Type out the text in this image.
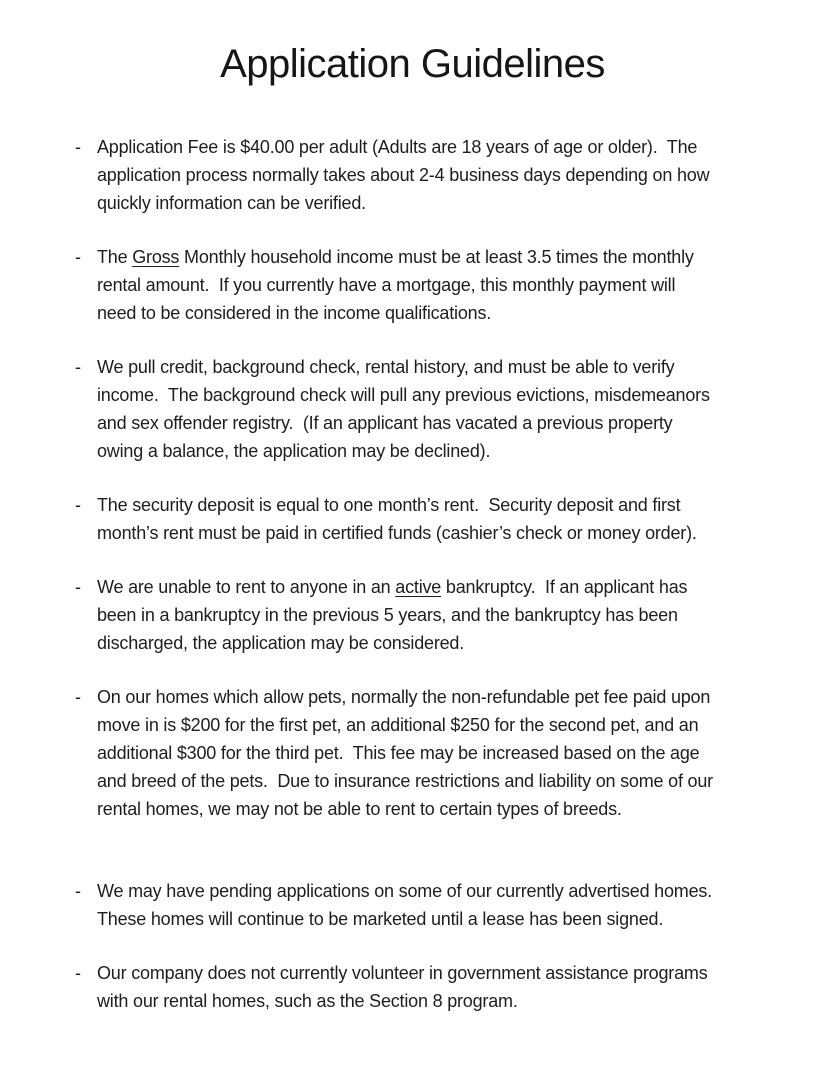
Application Guidelines
- Application Fee is $40.00 per adult (Adults are 18 years of age or older).  The
application process normally takes about 2-4 business days depending on how
quickly information can be verified.
- The Gross Monthly household income must be at least 3.5 times the monthly
rental amount.  If you currently have a mortgage, this monthly payment will
need to be considered in the income qualifications.
- We pull credit, background check, rental history, and must be able to verify
income.  The background check will pull any previous evictions, misdemeanors
and sex offender registry.  (If an applicant has vacated a previous property
owing a balance, the application may be declined).
- The security deposit is equal to one month’s rent.  Security deposit and first
month’s rent must be paid in certified funds (cashier’s check or money order).
- We are unable to rent to anyone in an active bankruptcy.  If an applicant has
been in a bankruptcy in the previous 5 years, and the bankruptcy has been
discharged, the application may be considered.
- On our homes which allow pets, normally the non-refundable pet fee paid upon
move in is $200 for the first pet, an additional $250 for the second pet, and an
additional $300 for the third pet.  This fee may be increased based on the age
and breed of the pets.  Due to insurance restrictions and liability on some of our
rental homes, we may not be able to rent to certain types of breeds.
- We may have pending applications on some of our currently advertised homes.
These homes will continue to be marketed until a lease has been signed.
- Our company does not currently volunteer in government assistance programs
with our rental homes, such as the Section 8 program.
